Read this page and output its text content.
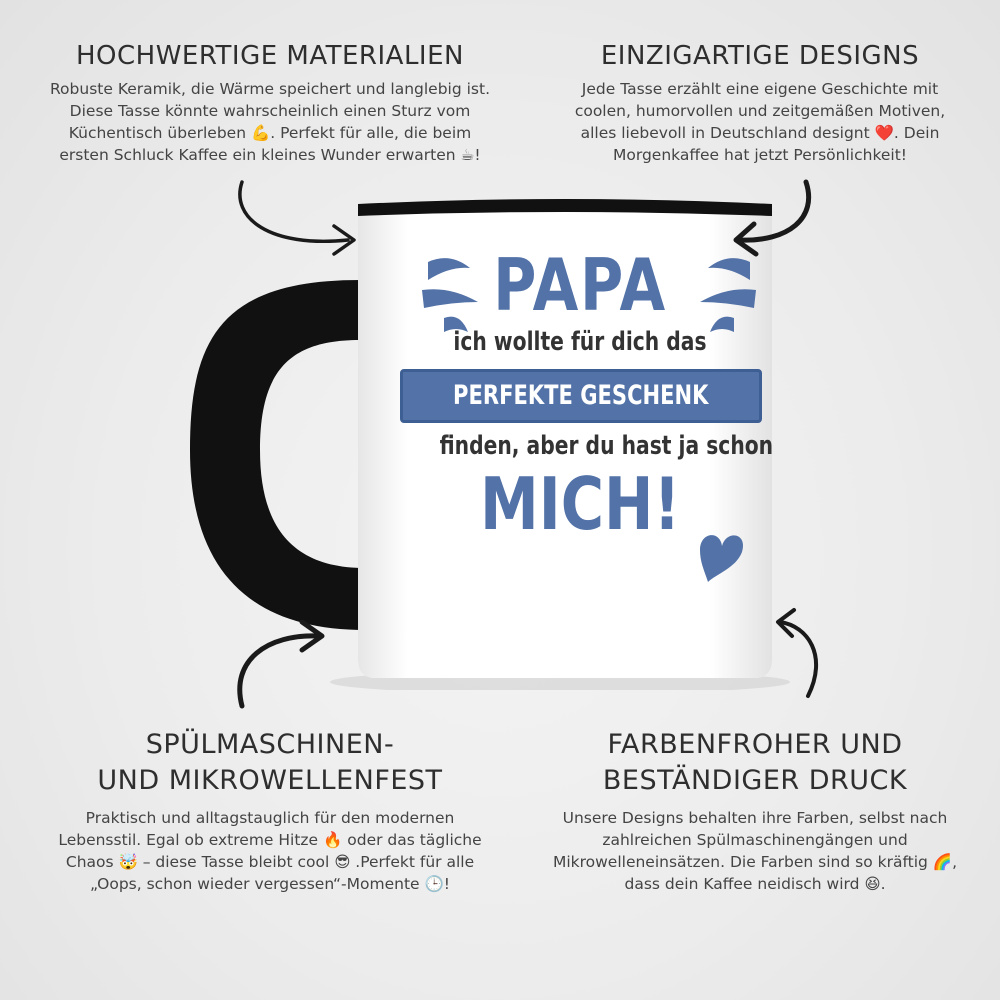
HOCHWERTIGE MATERIALIEN

Robuste Keramik, die Wärme speichert und langlebig ist.
Diese Tasse könnte wahrscheinlich einen Sturz vom
Küchentisch überleben 💪. Perfekt für alle, die beim
ersten Schluck Kaffee ein kleines Wunder erwarten ☕!

EINZIGARTIGE DESIGNS

Jede Tasse erzählt eine eigene Geschichte mit
coolen, humorvollen und zeitgemäßen Motiven,
alles liebevoll in Deutschland designt ❤️. Dein
Morgenkaffee hat jetzt Persönlichkeit!

PAPA
ich wollte für dich das
PERFEKTE GESCHENK
finden, aber du hast ja schon
MICH!
SPÜLMASCHINEN-
UND MIKROWELLENFEST

Praktisch und alltagstauglich für den modernen
Lebensstil. Egal ob extreme Hitze 🔥 oder das tägliche
Chaos 🤯 – diese Tasse bleibt cool 😎 .Perfekt für alle
„Oops, schon wieder vergessen“-Momente 🕒!

FARBENFROHER UND
BESTÄNDIGER DRUCK

Unsere Designs behalten ihre Farben, selbst nach
zahlreichen Spülmaschinengängen und
Mikrowelleneinsätzen. Die Farben sind so kräftig 🌈,
dass dein Kaffee neidisch wird 😆.
